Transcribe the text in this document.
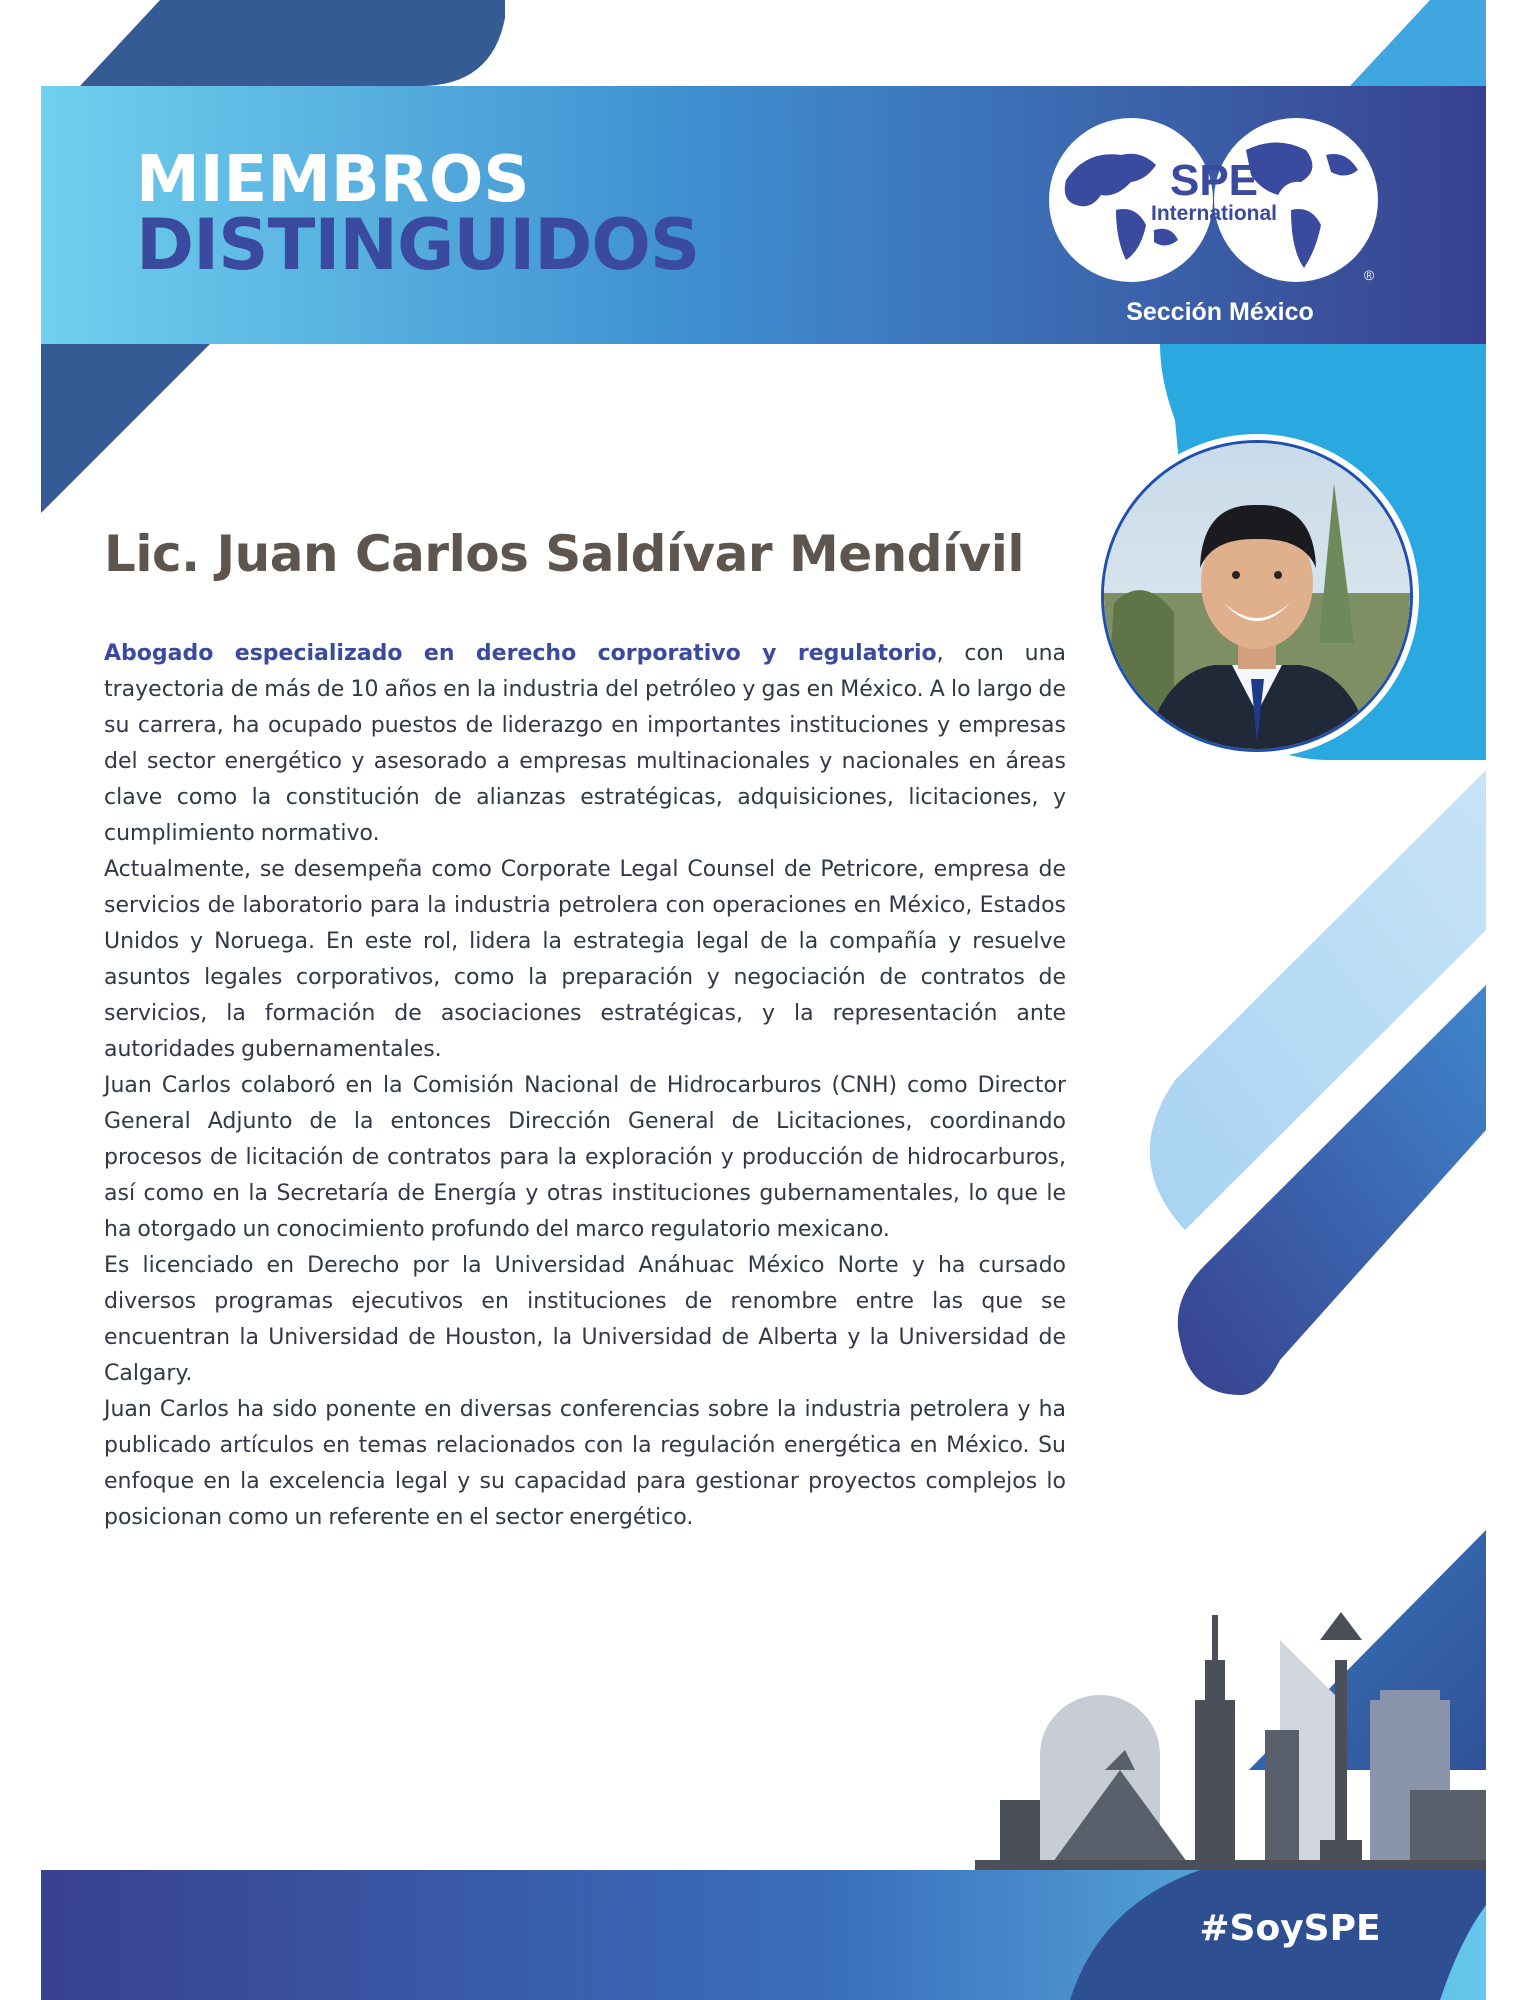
MIEMBROS
DISTINGUIDOS
SPE
International
®
Sección México
Lic. Juan Carlos Saldívar Mendívil

Abogado especializado en derecho corporativo y regulatorio, con una trayectoria de más de 10 años en la industria del petróleo y gas en México. A lo largo de su carrera, ha ocupado puestos de liderazgo en importantes instituciones y empresas del sector energético y asesorado a empresas multinacionales y nacionales en áreas clave como la constitución de alianzas estratégicas, adquisiciones, licitaciones, y cumplimiento normativo.

Actualmente, se desempeña como Corporate Legal Counsel de Petricore, empresa de servicios de laboratorio para la industria petrolera con operaciones en México, Estados Unidos y Noruega. En este rol, lidera la estrategia legal de la compañía y resuelve asuntos legales corporativos, como la preparación y negociación de contratos de servicios, la formación de asociaciones estratégicas, y la representación ante autoridades gubernamentales.

Juan Carlos colaboró en la Comisión Nacional de Hidrocarburos (CNH) como Director General Adjunto de la entonces Dirección General de Licitaciones, coordinando procesos de licitación de contratos para la exploración y producción de hidrocarburos, así como en la Secretaría de Energía y otras instituciones gubernamentales, lo que le ha otorgado un conocimiento profundo del marco regulatorio mexicano.

Es licenciado en Derecho por la Universidad Anáhuac México Norte y ha cursado diversos programas ejecutivos en instituciones de renombre entre las que se encuentran la Universidad de Houston, la Universidad de Alberta y la Universidad de Calgary.

Juan Carlos ha sido ponente en diversas conferencias sobre la industria petrolera y ha publicado artículos en temas relacionados con la regulación energética en México. Su enfoque en la excelencia legal y su capacidad para gestionar proyectos complejos lo posicionan como un referente en el sector energético.

#SoySPE
